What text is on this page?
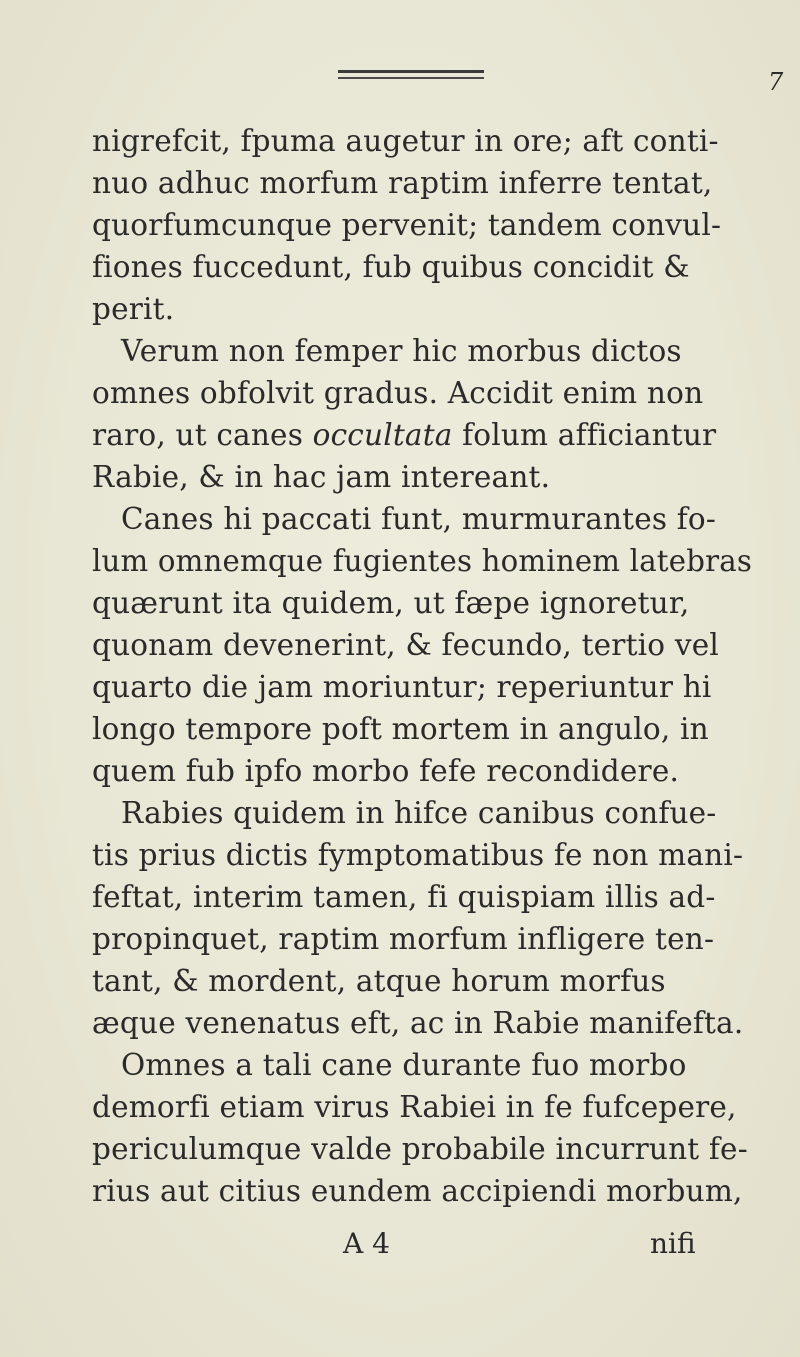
7
nigrefcit, fpuma augetur in ore; aft conti-
nuo adhuc morfum raptim inferre tentat,
quorfumcunque pervenit; tandem convul-
fiones fuccedunt, fub quibus concidit &
perit.
Verum non femper hic morbus dictos
omnes obfolvit gradus. Accidit enim non
raro, ut canes occultata folum afficiantur
Rabie, & in hac jam intereant.
Canes hi paccati funt, murmurantes fo-
lum omnemque fugientes hominem latebras
quærunt ita quidem, ut fæpe ignoretur,
quonam devenerint, & fecundo, tertio vel
quarto die jam moriuntur; reperiuntur hi
longo tempore poft mortem in angulo, in
quem fub ipfo morbo fefe recondidere.
Rabies quidem in hifce canibus confue-
tis prius dictis fymptomatibus fe non mani-
feftat, interim tamen, fi quispiam illis ad-
propinquet, raptim morfum infligere ten-
tant, & mordent, atque horum morfus
æque venenatus eft, ac in Rabie manifefta.
Omnes a tali cane durante fuo morbo
demorfi etiam virus Rabiei in fe fufcepere,
periculumque valde probabile incurrunt fe-
rius aut citius eundem accipiendi morbum,
A 4	nifi
